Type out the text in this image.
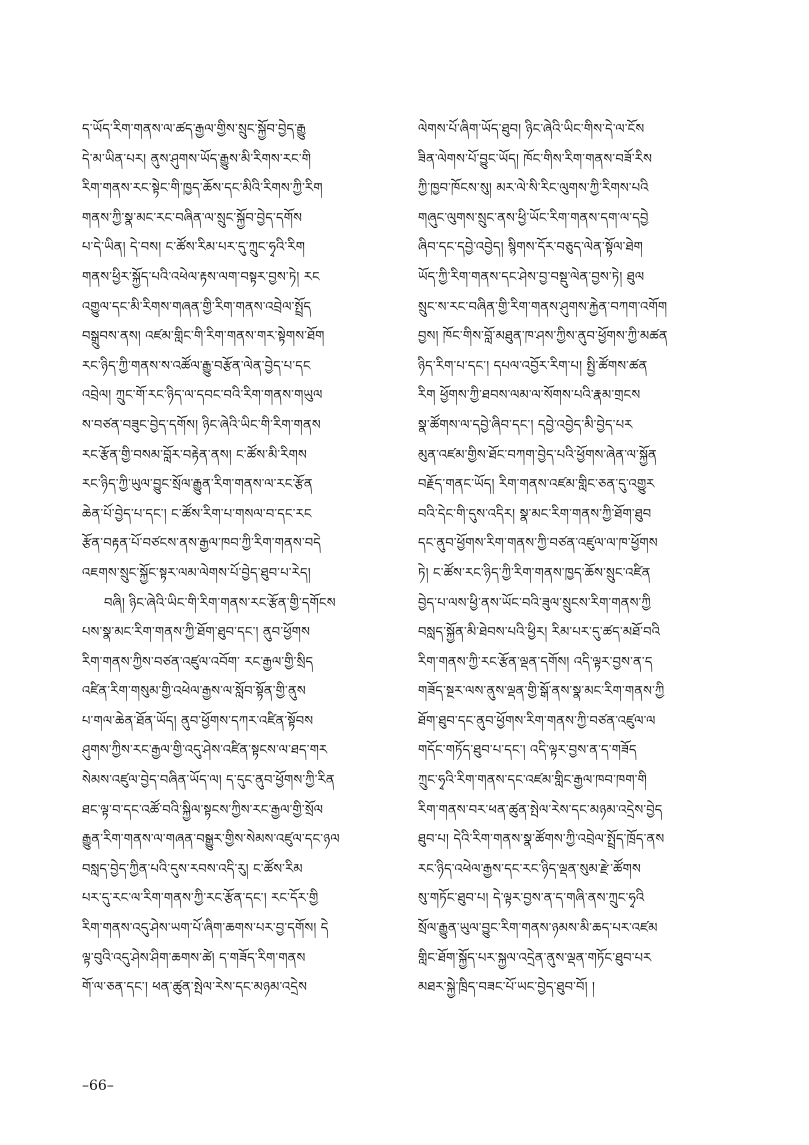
ད་ཡོད་རིག་གནས་ལ་ཚད་རྒྱལ་གྱིས་སྲུང་སྐྱོབ་བྱེད་རྒྱུ
དེ་མ་ཡིན་པར། ནུས་ཤུགས་ཡོད་རྒྱུས་མི་རིགས་རང་གི
རིག་གནས་རང་སྟེང་གི་ཁྱད་ཆོས་དང་མིའི་རིགས་ཀྱི་རིག
གནས་ཀྱི་སྣ་མང་རང་བཞིན་ལ་སྲུང་སྐྱོབ་བྱེད་དགོས
པ་དེ་ཡིན། དེ་བས། ང་ཚོས་རིམ་པར་དུ་ཀྲུང་ཧྭའི་རིག
གནས་ཕྱིར་སྐྱོད་པའི་འཕེལ་རྟས་ལག་བསྟར་བྱས་ཏེ། རང
འགྱུལ་དང་མི་རིགས་གཞན་གྱི་རིག་གནས་འབྲེལ་སྤྲོད
བསྒྲུབས་ནས། འཛམ་གླིང་གི་རིག་གནས་གར་སྟེགས་ཐོག
རང་ཉིད་ཀྱི་གནས་ས་འཚོལ་རྒྱུ་བརྩོན་ལེན་བྱེད་པ་དང
འབྲེལ། ཀྲུང་གོ་རང་ཉིད་ལ་དབང་བའི་རིག་གནས་གཡུལ
ས་བཙན་བཟུང་བྱེད་དགོས། ཉིང་ཞེའི་ཡིང་གི་རིག་གནས
རང་རྩོན་གྱི་བསམ་བློར་བརྟེན་ནས། ང་ཚོས་མི་རིགས
རང་ཉིད་ཀྱི་ཡུལ་བྱུང་སྲོལ་རྒྱུན་རིག་གནས་ལ་རང་རྩོན
ཆེན་པོ་བྱེད་པ་དང་། ང་ཚོས་རིག་པ་གསལ་བ་དང་རང
རྩོན་བརྟན་པོ་བཙངས་ནས་རྒྱལ་ཁབ་ཀྱི་རིག་གནས་བདེ
འཇགས་སྲུང་སྐྱོང་སྟར་ལམ་ལེགས་པོ་བྱེད་ཐུབ་པ་རེད།
བཞི། ཉིང་ཞེའི་ཡིང་གི་རིག་གནས་རང་རྩོན་གྱི་དགོངས
པས་སྣ་མང་རིག་གནས་ཀྱི་ཐོག་ཐུབ་དང་། ནུབ་ཕྱོགས
རིག་གནས་ཀྱིས་བཙན་འཛུལ་འབོག་ རང་རྒྱལ་གྱི་སྲིད
འཛིན་རིག་གསུམ་གྱི་འཕེལ་རྒྱས་ལ་སློབ་སྟོན་གྱི་ནུས
པ་གལ་ཆེན་ཐོན་ཡོད། ནུབ་ཕྱོགས་དཀར་འཛིན་སྟོབས
ཤུགས་ཀྱིས་རང་རྒྱལ་གྱི་འདུ་ཤེས་འཛིན་སྟངས་ལ་ཐད་གར
སེམས་འཛུལ་བྱེད་བཞིན་ཡོད་ལ། ད་དུང་ནུབ་ཕྱོགས་ཀྱི་རིན
ཐང་ལྟ་བ་དང་འཚོ་བའི་སྐྱིལ་སྟངས་ཀྱིས་རང་རྒྱལ་གྱི་སྲོལ
རྒྱུན་རིག་གནས་ལ་གཞན་བསྒྱུར་གྱིས་སེམས་འཛུལ་དང་ཉལ
བསླད་བྱེད་ཀྱིན་པའི་དུས་རབས་འདི་རུ། ང་ཚོས་རིམ
པར་དུ་རང་ལ་རིག་གནས་ཀྱི་རང་རྩོན་དང་། རང་དོར་གྱི
རིག་གནས་འདུ་ཤེས་ཡག་པོ་ཞིག་ཆགས་པར་བྱ་དགོས། དེ
ལྟ་བུའི་འདུ་ཤེས་ཤིག་ཆགས་ཚེ། ད་གཟོད་རིག་གནས
གོ་ལ་ཅན་དང་། ཕན་ཚུན་སྤེལ་རེས་དང་མཉམ་འདྲེས
ལེགས་པོ་ཞིག་ཡོད་ཐུབ། ཉིང་ཞེའི་ཡིང་གིས་དེ་ལ་ངོས
ཟིན་ལེགས་པོ་བྱུང་ཡོད། ཁོང་གིས་རིག་གནས་བཟོ་རིས
ཀྱི་ཁྱབ་ཁོངས་སུ། མར་ལེ་སི་རིང་ལུགས་ཀྱི་རིགས་པའི
གཞུང་ལུགས་སྲུང་ནས་ཕྱི་ཡོང་རིག་གནས་དག་ལ་དབྱེ
ཞིབ་དང་དབྱེ་འབྱེད། སྙིགས་དོར་བཅུད་ལེན་སྟོལ་ཐེག
ཡོད་ཀྱི་རིག་གནས་དང་ཤེས་བྱ་བསྡུ་ལེན་བྱས་ཏེ། ཐུལ
སྲུང་ས་རང་བཞིན་གྱི་རིག་གནས་ཤུགས་རྐྱེན་བཀག་འགོག
བྱས། ཁོང་གིས་བློ་མཐུན་ཁ་ཤས་ཀྱིས་ནུབ་ཕྱོགས་ཀྱི་མཚན
ཉིད་རིག་པ་དང་། དཔལ་འབྱོར་རིག་པ། སྤྱི་ཚོགས་ཚན
རིག ཕྱོགས་ཀྱི་ཐབས་ལམ་ལ་སོགས་པའི་རྣམ་གྲངས
སྣ་ཚོགས་ལ་དབྱེ་ཞིབ་དང་། དབྱེ་འབྱེད་མི་བྱེད་པར
མུན་འཛམ་གྱིས་ཐོང་བཀག་བྱེད་པའི་ཕྱོགས་ཞེན་ལ་སྐྱོན
བརྗོད་གནང་ཡོད། རིག་གནས་འཛམ་གླིང་ཅན་དུ་འགྱུར
བའི་དེང་གི་དུས་འདིར། སྣ་མང་རིག་གནས་ཀྱི་ཐོག་ཐུབ
དང་ནུབ་ཕྱོགས་རིག་གནས་ཀྱི་བཙན་འཛུལ་ལ་ཁ་ཕྱོགས
ཏེ། ང་ཚོས་རང་ཉིད་ཀྱི་རིག་གནས་ཁྱད་ཆོས་སྲུང་འཛིན
བྱེད་པ་ལས་ཕྱི་ནས་ཡོང་བའི་ཟུལ་སྲུངས་རིག་གནས་ཀྱི
བསླད་སྐྱོན་མི་ཐེབས་པའི་ཕྱིར། རིམ་པར་དུ་ཚད་མཐོ་བའི
རིག་གནས་ཀྱི་རང་རྩོན་ལྡན་དགོས། འདི་ལྟར་བྱས་ན་ད
གཟོད་སྔར་ལས་ནུས་ལྡན་གྱི་སྒོ་ནས་སྣ་མང་རིག་གནས་ཀྱི
ཐོག་ཐུབ་དང་ནུབ་ཕྱོགས་རིག་གནས་ཀྱི་བཙན་འཛུལ་ལ
གདོང་གཏོད་ཐུབ་པ་དང་། འདི་ལྟར་བྱས་ན་ད་གཟོད
ཀྲུང་ཧྭའི་རིག་གནས་དང་འཛམ་གླིང་རྒྱལ་ཁབ་ཁག་གི
རིག་གནས་བར་ཕན་ཚུན་སྤེལ་རེས་དང་མཉམ་འདྲེས་བྱེད
ཐུབ་པ། དེའི་རིག་གནས་སྣ་ཚོགས་ཀྱི་འབྲེལ་སྤྲོད་ཁྲོད་ནས
རང་ཉིད་འཕེལ་རྒྱས་དང་རང་ཉིད་ལྡན་སུམ་རྫེ་ཚོགས
སུ་གཏོང་ཐུབ་པ། དེ་ལྟར་བྱས་ན་ད་གཞི་ནས་ཀྲུང་ཧྭའི
སྲོལ་རྒྱུན་ཡུལ་བྱུང་རིག་གནས་ཉམས་མི་ཆད་པར་འཛམ
གླིང་ཐོག་སྐྱོད་པར་སྐྱལ་འདྲེན་ནུས་ལྡན་གཏོང་ཐུབ་པར
མཐར་སྐྱེ་ཁྲིད་བཟང་པོ་ཡང་བྱེད་ཐུབ་བོ། །
–66–
